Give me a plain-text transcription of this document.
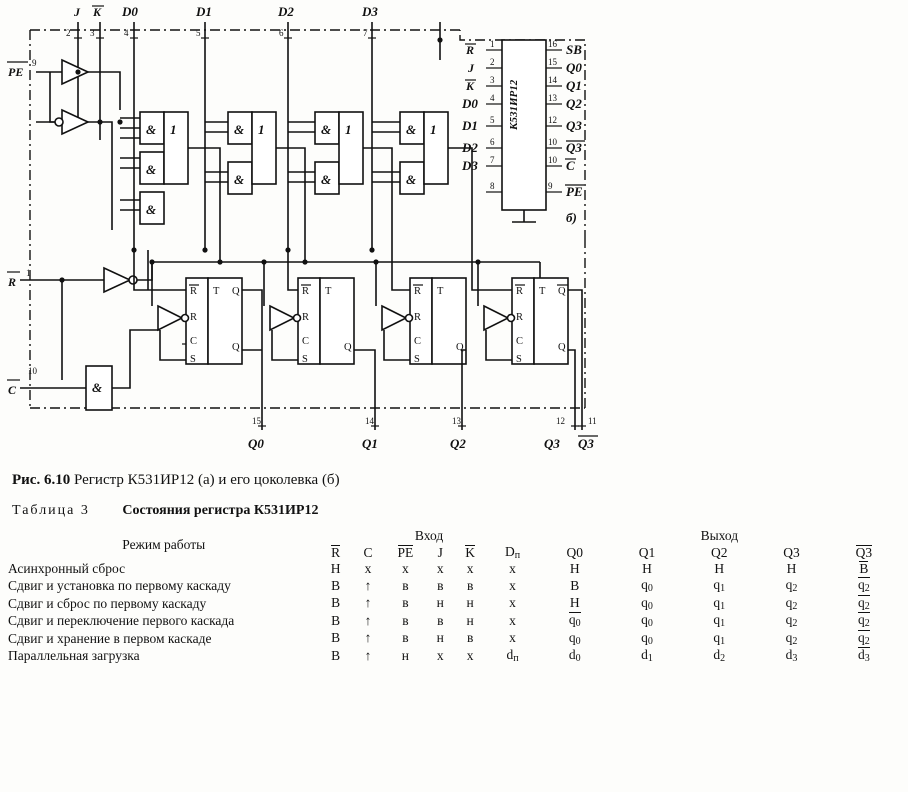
J K D0	D1	D2	D3
2 3	4	5	6	7
PE
9
&
&
&
1	&
&
1	&
&
1	&
&
1
R
1
C
10
&
R
R
C
S
T Q
Q
R
R
C
S
T
Q
R
R
C
S
T
Q
R
R
C
S
T Q
Q
15	14	13	12	11
Q0	Q1	Q2	Q3 Q3
К531ИР12
1
2
3
4
5
6
7
8
16
15
14
13
12
10
10
9
R
J
K
D0
D1
D2
D3
SB
Q0
Q1
Q2
Q3
Q3
C
PE
б)
Рис. 6.10 Регистр К531ИР12 (а) и его цоколевка (б)
Таблица 3 Состояния регистра К531ИР12
Режим работы	Вход						Выход				
	R	C	PE	J	K	$D_п$	Q0	Q1	Q2	Q3	Q3
Асинхронный сброс	Н	х	х	х	х	х	Н	Н	Н	Н	В
Сдвиг и установка по первому каскаду	В	↑	в	в	в	х	В	$q_0$	$q_1$	$q_2$	$q_2$
Сдвиг и сброс по первому каскаду	В	↑	в	н	н	х	Н	$q_0$	$q_1$	$q_2$	$q_2$
Сдвиг и переключение первого каскада	В	↑	в	в	н	х	$q_0$	$q_0$	$q_1$	$q_2$	$q_2$
Сдвиг и хранение в первом каскаде	В	↑	в	н	в	х	$q_0$	$q_0$	$q_1$	$q_2$	$q_2$
Параллельная загрузка	В	↑	н	х	х	$d_п$	$d_0$	$d_1$	$d_2$	$d_3$	$d_3$
